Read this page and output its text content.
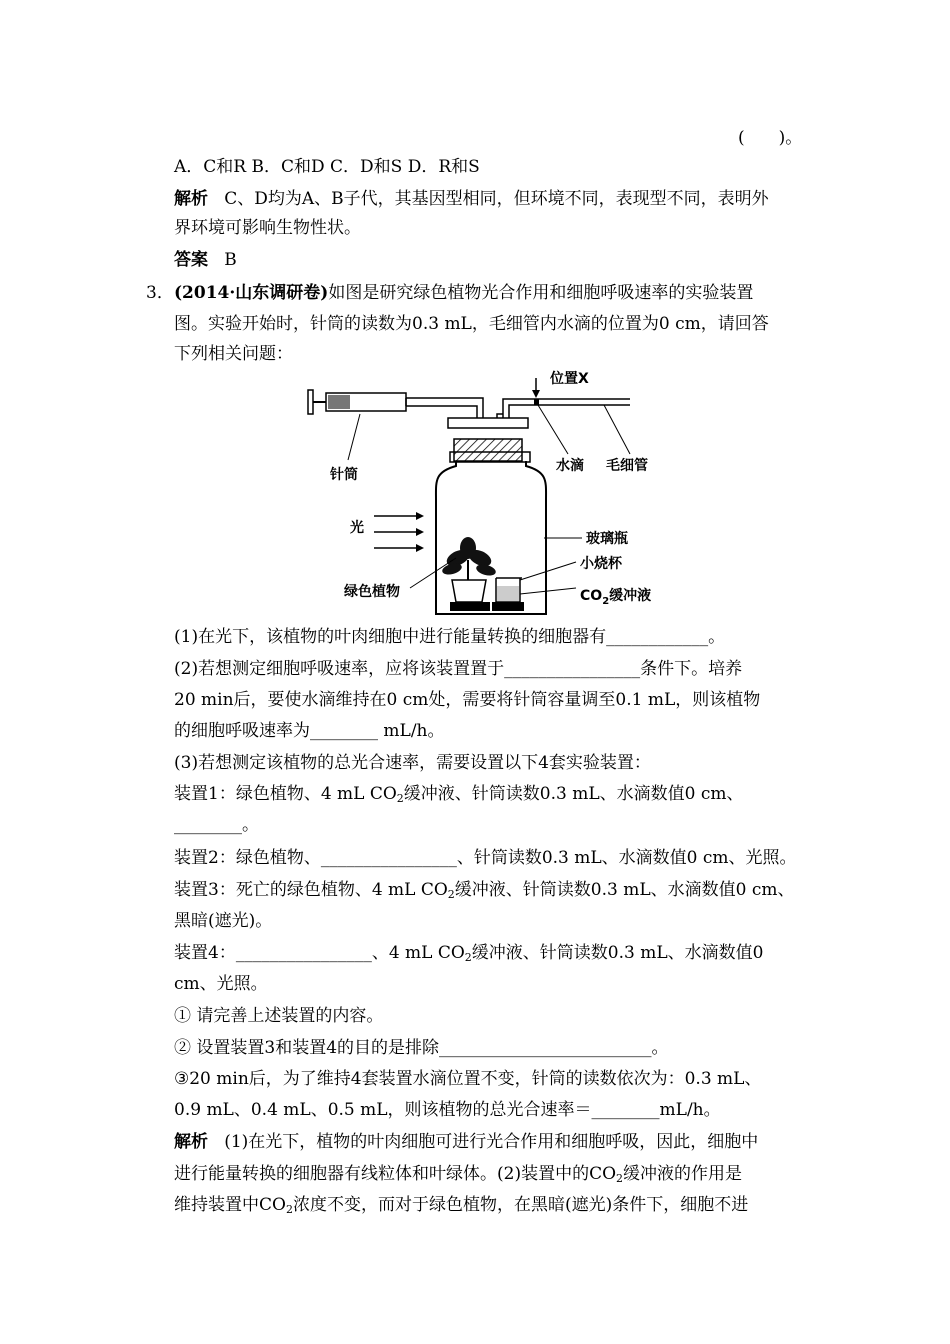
(　　)。
A．C和R B．C和D C．D和S D．R和S
解析 C、D均为A、B子代，其基因型相同，但环境不同，表现型不同，表明外
界环境可影响生物性状。
答案 B
3． (2014·山东调研卷)如图是研究绿色植物光合作用和细胞呼吸速率的实验装置
图。实验开始时，针筒的读数为0.3 mL，毛细管内水滴的位置为0 cm，请回答
下列相关问题：
位置X
针筒
水滴 毛细管
光
玻璃瓶
小烧杯
绿色植物	$CO_2$缓冲液
(1)在光下，该植物的叶肉细胞中进行能量转换的细胞器有____________。
(2)若想测定细胞呼吸速率，应将该装置置于________________条件下。培养
20 min后，要使水滴维持在0 cm处，需要将针筒容量调至0.1 mL，则该植物
的细胞呼吸速率为________ mL/h。
(3)若想测定该植物的总光合速率，需要设置以下4套实验装置：
装置1：绿色植物、4 mL $CO_2$缓冲液、针筒读数0.3 mL、水滴数值0 cm、
________。
装置2：绿色植物、________________、针筒读数0.3 mL、水滴数值0 cm、光照。
装置3：死亡的绿色植物、4 mL $CO_2$缓冲液、针筒读数0.3 mL、水滴数值0 cm、
黑暗(遮光)。
装置4：________________、4 mL $CO_2$缓冲液、针筒读数0.3 mL、水滴数值0
cm、光照。
① 请完善上述装置的内容。
② 设置装置3和装置4的目的是排除_________________________。
③20 min后，为了维持4套装置水滴位置不变，针筒的读数依次为：0.3 mL、
0.9 mL、0.4 mL、0.5 mL，则该植物的总光合速率＝________mL/h。
解析 (1)在光下，植物的叶肉细胞可进行光合作用和细胞呼吸，因此，细胞中
进行能量转换的细胞器有线粒体和叶绿体。(2)装置中的$CO_2$缓冲液的作用是
维持装置中$CO_2$浓度不变，而对于绿色植物，在黑暗(遮光)条件下，细胞不进
